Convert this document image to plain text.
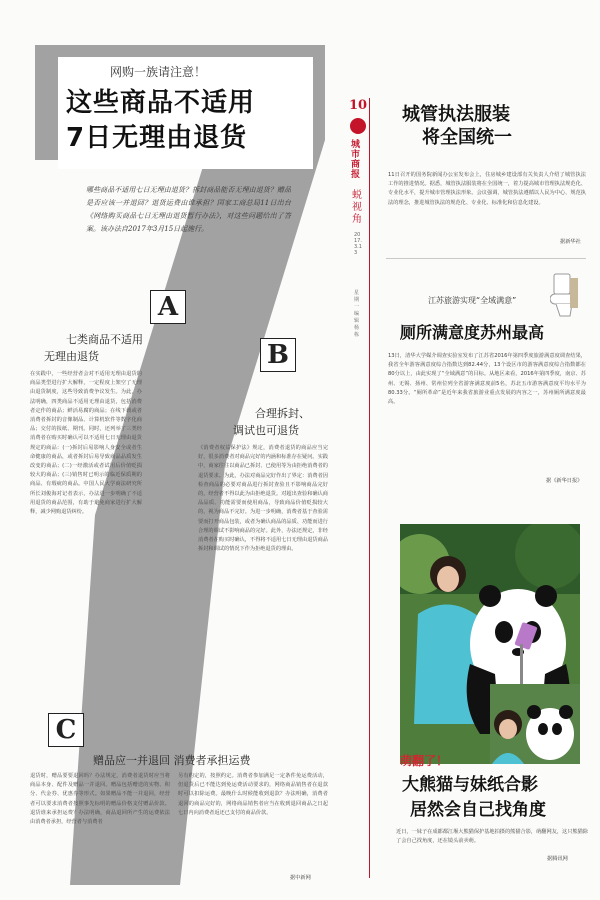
网购一族请注意！
这些商品不适用
7日无理由退货
哪些商品不适用七日无理由退货？拆封商品能否无理由退货？赠品是否应该一并退回？退货运费由谁承担？国家工商总局11日出台《网络购买商品七日无理由退货暂行办法》，对这些问题给出了答案。该办法自2017年3月15日起施行。
A
七类商品不适用
无理由退货
在实践中，一些经营者会对不适用无理由退货的商品类型进行扩大解释，一定程度上架空了无理由退货制度，这些导致消费争议发生。为此，办法明确，四类商品不适用无理由退货，包括消费者定作的商品；鲜活易腐的商品；在线下载或者消费者拆封的音像制品、计算机软件等数字化商品；交付的报纸、期刊。同时，还列举了三类经消费者在购买时确认可以不适用七日无理由退货规定的商品：(一)拆封后易影响人身安全或者生命健康的商品，或者拆封后易导致商品品质发生改变的商品；(二)一经激活或者试用后价值贬损较大的商品；(三)销售时已明示的临近保质期的商品、有瑕疵的商品。中国人民大学商法研究所所长刘俊海对记者表示，办法进一步明确了不适用退货的商品范围，有助于避免商家进行扩大解释，减少网购退货纠纷。
B
合理拆封、
调试也可退货
《消费者权益保护法》规定，消费者退货的商品应当完好，很多消费者对商品完好的内涵和标准存在疑问。实践中，商家往往以商品已拆封、已使用等为由拒绝消费者的退货要求。为此，办法对商品完好作出了界定：消费者因检查商品的必要对商品进行拆封查验且不影响商品完好的，经营者不得以此为由拒绝退货。对超出查验和确认商品品质、功能需要而使用商品，导致商品价值贬损较大的，视为商品不完好。为进一步明确，消费者基于查验需要而打开商品包装，或者为确认商品的品质、功能而进行合理的调试不影响商品的完好。此外，办法还规定，非经消费者在购买时确认，不得将不适用七日无理由退货商品拆封和调试的情况下作为拒绝退货的理由。
C
赠品应一并退回 消费者承担运费
退货时，赠品要要退回吗？办法规定，消费者退货时应当将商品本身、配件及赠品一并退回。赠品包括赠送的实物、积分、代金券、优惠券等形式。如果赠品不能一并退回，经营者可以要求消费者按照事先标明的赠品价格支付赠品价款。退货谁来承担运费？办法明确，商品退回所产生的运费依法由消费者承担，经营者与消费者
另有约定的，按照约定。消费者参加满足一定条件免运费活动，但退货后已不能达到免运费活动要求的，网络商品销售者在退款时可以扣除运费。最晚什么时候能收到退款？办法明确，消费者退回的商品完好的，网络商品销售者应当在收到退回商品之日起七日内向消费者返还已支付的商品价款。
据中新网
10
城市商报
蜕视角
2017.3.13
星期一 编辑 杨栋
城管执法服装
将全国统一
11日召开的国务院新闻办公室发布会上，住房城乡建设部有关负责人介绍了城管执法工作的推进情况。据悉，城管执法服装将在全国统一，着力提高城市管理执法规范化、专业化水平，提升城市管理执法形象。会议强调，城管执法遵循以人民为中心、规范执法的理念，推进城管执法的规范化、专业化、标准化和信息化建设。
据新华社
江苏旅游实现“全域满意”
厕所满意度苏州最高
13日，清华大学媒介调查实验室发布了江苏省2016年第四季度旅游满意度调查结果，我省全年游客满意度综合指数达到82.44分，13个设区市的游客满意度综合指数都在80分以上，由此实现了“全域满意”的目标。从地区来看，2016年第四季度，南京、苏州、无锡、扬州、常州位列全省游客满意度前5名，苏北五市游客满意度平均水平为80.33分。“厕所革命”是近年来我省旅游业重点发展的内容之一，苏州厕所满意度最高。
据《新华日报》
萌翻了！
大熊猫与妹纸合影
居然会自己找角度
近日，一妹子在成都都江堰大熊猫保护基地拍摄的熊猫合影，萌翻网友，这只熊猫除了会自己找角度，还在镜头前卖萌。
据腾讯网
